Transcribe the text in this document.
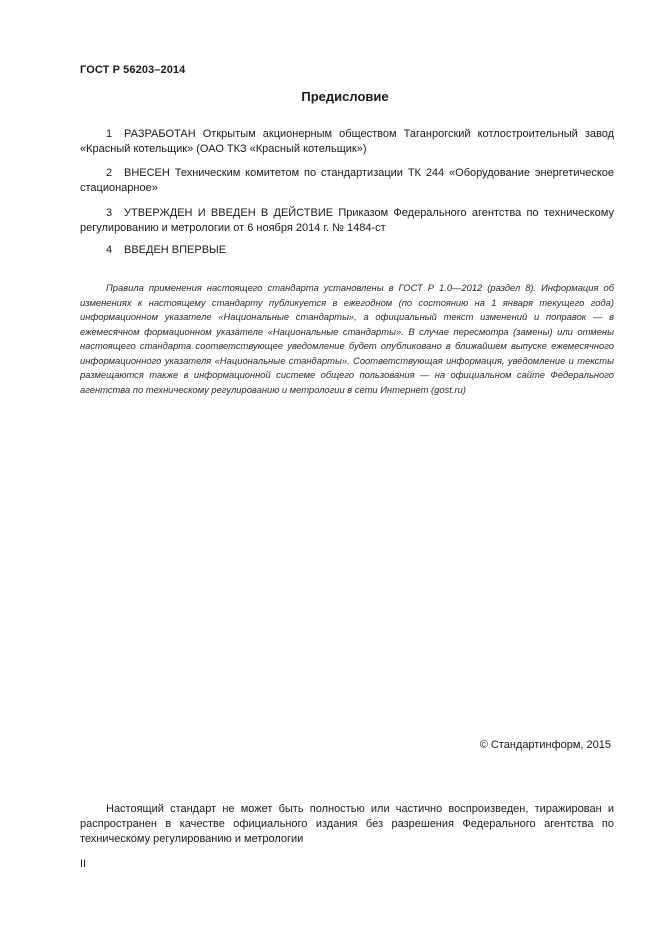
ГОСТ Р 56203–2014
Предисловие
1 РАЗРАБОТАН Открытым акционерным обществом Таганрогский котлостроительный завод «Красный котельщик» (ОАО ТКЗ «Красный котельщик»)
2 ВНЕСЕН Техническим комитетом по стандартизации ТК 244 «Оборудование энергетическое стационарное»
3 УТВЕРЖДЕН И ВВЕДЕН В ДЕЙСТВИЕ Приказом Федерального агентства по техническому регулированию и метрологии от 6 ноября 2014 г. № 1484-ст
4 ВВЕДЕН ВПЕРВЫЕ
Правила применения настоящего стандарта установлены в ГОСТ Р 1.0—2012 (раздел 8). Информация об изменениях к настоящему стандарту публикуется в ежегодном (по состоянию на 1 января текущего года) информационном указателе «Национальные стандарты», а официальный текст изменений и поправок — в ежемесячном формационном указателе «Национальные стандарты». В случае пересмотра (замены) или отмены настоящего стандарта соответствующее уведомление будет опубликовано в ближайшем выпуске ежемесячного информационного указателя «Национальные стандарты». Соответствующая информация, уведомление и тексты размещаются также в информационной системе общего пользования — на официальном сайте Федерального агентства по техническому регулированию и метрологии в сети Интернет (gost.ru)
© Стандартинформ, 2015
Настоящий стандарт не может быть полностью или частично воспроизведен, тиражирован и распространен в качестве официального издания без разрешения Федерального агентства по техническому регулированию и метрологии
II
